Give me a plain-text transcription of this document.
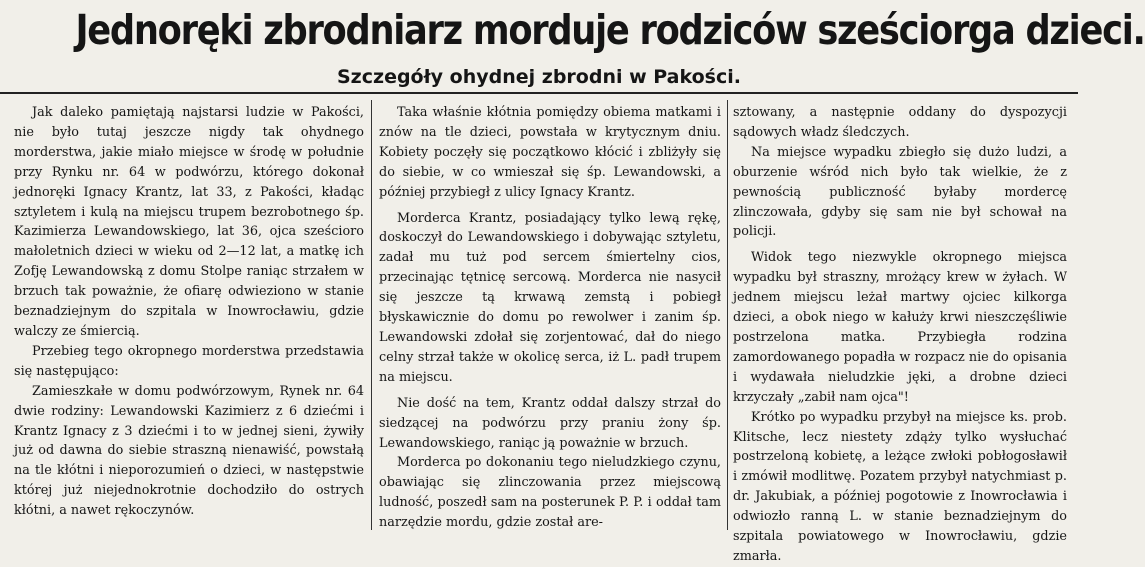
Jednoręki zbrodniarz morduje rodziców sześciorga dzieci.
Szczegóły ohydnej zbrodni w Pakości.

Jak daleko pamiętają najstarsi ludzie w Pakości, nie było tutaj jeszcze nigdy tak ohydnego morderstwa, jakie miało miejsce w środę w południe przy Rynku nr. 64 w podwórzu, którego dokonał jednoręki Ignacy Krantz, lat 33, z Pakości, kładąc sztyletem i kulą na miejscu trupem bezrobotnego śp. Kazimierza Lewandowskiego, lat 36, ojca sześcioro małoletnich dzieci w wieku od 2—12 lat, a matkę ich Zofję Lewandowską z domu Stolpe raniąc strzałem w brzuch tak poważnie, że ofiarę odwieziono w stanie beznadziejnym do szpitala w Inowrocławiu, gdzie walczy ze śmiercią.

Przebieg tego okropnego morderstwa przedstawia się następująco:

Zamieszkałe w domu podwórzowym, Rynek nr. 64 dwie rodziny: Lewandowski Kazimierz z 6 dziećmi i Krantz Ignacy z 3 dziećmi i to w jednej sieni, żywiły już od dawna do siebie straszną nienawiść, powstałą na tle kłótni i nieporozumień o dzieci, w następstwie której już niejednokrotnie dochodziło do ostrych kłótni, a nawet rękoczynów.

Taka właśnie kłótnia pomiędzy obiema matkami i znów na tle dzieci, powstała w krytycznym dniu. Kobiety poczęły się początkowo kłócić i zbliżyły się do siebie, w co wmieszał się śp. Lewandowski, a później przybiegł z ulicy Ignacy Krantz.

Morderca Krantz, posiadający tylko lewą rękę, doskoczył do Lewandowskiego i dobywając sztyletu, zadał mu tuż pod sercem śmiertelny cios, przecinając tętnicę sercową. Morderca nie nasycił się jeszcze tą krwawą zemstą i pobiegł błyskawicznie do domu po rewolwer i zanim śp. Lewandowski zdołał się zorjentować, dał do niego celny strzał także w okolicę serca, iż L. padł trupem na miejscu.

Nie dość na tem, Krantz oddał dalszy strzał do siedzącej na podwórzu przy praniu żony śp. Lewandowskiego, raniąc ją poważnie w brzuch.

Morderca po dokonaniu tego nieludzkiego czynu, obawiając się zlinczowania przez miejscową ludność, poszedł sam na posterunek P. P. i oddał tam narzędzie mordu, gdzie został are-

sztowany, a następnie oddany do dyspozycji sądowych władz śledczych.

Na miejsce wypadku zbiegło się dużo ludzi, a oburzenie wśród nich było tak wielkie, że z pewnością publiczność byłaby mordercę zlinczowała, gdyby się sam nie był schował na policji.

Widok tego niezwykle okropnego miejsca wypadku był straszny, mrożący krew w żyłach. W jednem miejscu leżał martwy ojciec kilkorga dzieci, a obok niego w kałuży krwi nieszczęśliwie postrzelona matka. Przybiegła rodzina zamordowanego popadła w rozpacz nie do opisania i wydawała nieludzkie jęki, a drobne dzieci krzyczały „zabił nam ojca"!

Krótko po wypadku przybył na miejsce ks. prob. Klitsche, lecz niestety zdąży tylko wysłuchać postrzeloną kobietę, a leżące zwłoki pobłogosławił i zmówił modlitwę. Pozatem przybył natychmiast p. dr. Jakubiak, a później pogotowie z Inowrocławia i odwiozło ranną L. w stanie beznadziejnym do szpitala powiatowego w Inowrocławiu, gdzie zmarła.
